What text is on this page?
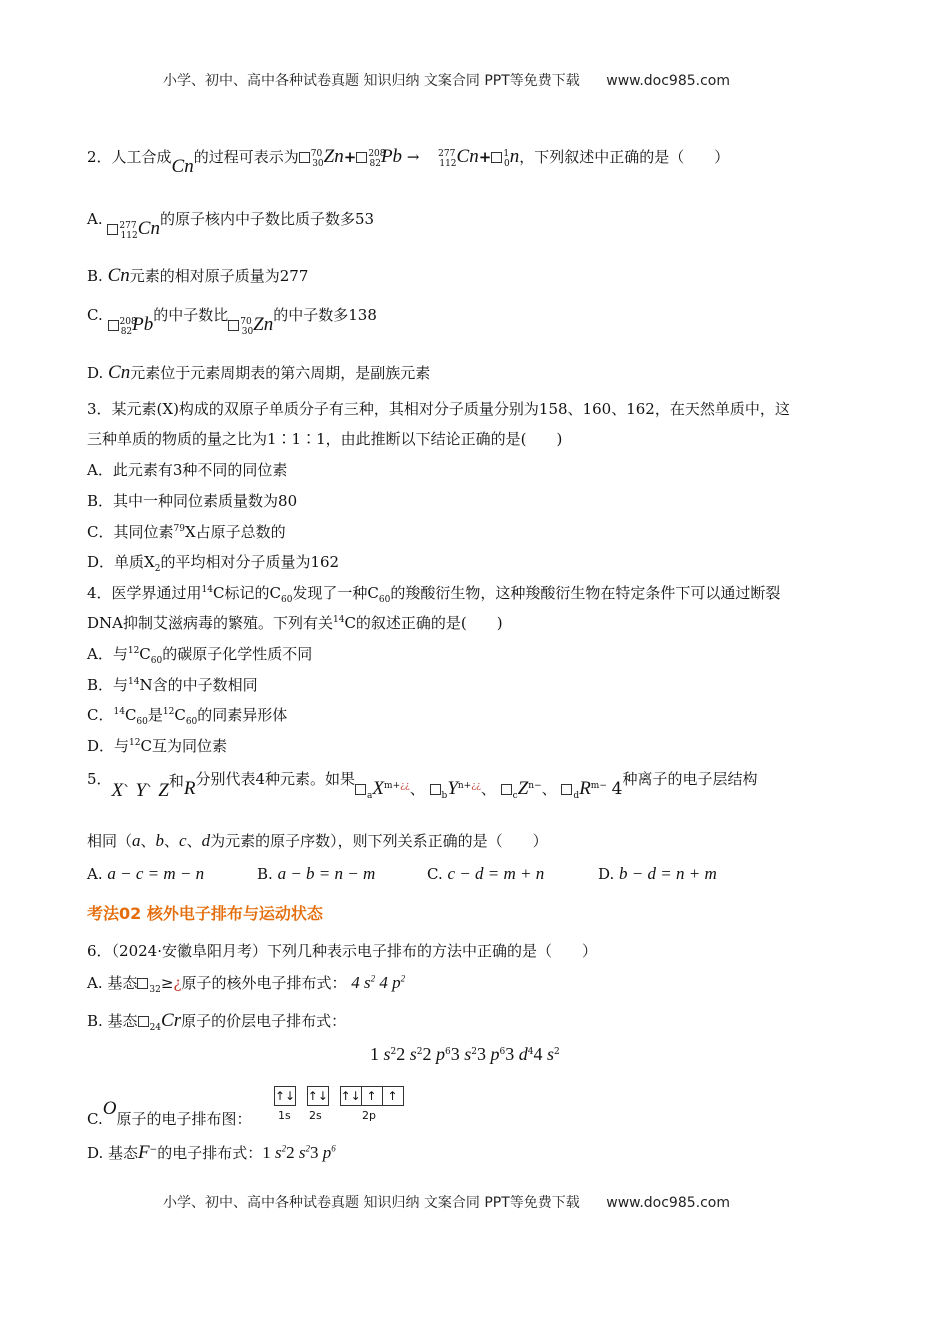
小学、初中、高中各种试卷真题 知识归纳 文案合同 PPT等免费下载 www.doc985.com
2．人工合成Cn的过程可表示为 $^{70}_{30}$Zn+ $^{208}_{82}$Pb → $^{277}_{112}$Cn+ $^1_0$n，下列叙述中正确的是（　　）
A. $^{277}_{112}$Cn的原子核内中子数比质子数多53
B. Cn元素的相对原子质量为277
C. $^{208}_{82}$Pb的中子数比 $^{70}_{30}$Zn的中子数多138
D. Cn元素位于元素周期表的第六周期，是副族元素
3．某元素(X)构成的双原子单质分子有三种，其相对分子质量分别为158、160、162，在天然单质中，这
三种单质的物质的量之比为1∶1∶1，由此推断以下结论正确的是(　　)
A．此元素有3种不同的同位素
B．其中一种同位素质量数为80
C．其同位素$^{79}$X占原子总数的
D．单质$X_2$的平均相对分子质量为162
4．医学界通过用$^{14}$C标记的$C_{60}$发现了一种$C_{60}$的羧酸衍生物，这种羧酸衍生物在特定条件下可以通过断裂
DNA抑制艾滋病毒的繁殖。下列有关$^{14}$C的叙述正确的是(　　)
A．与$^{12}C_{60}$的碳原子化学性质不同
B．与$^{14}$N含的中子数相同
C．$^{14}C_{60}$是$^{12}C_{60}$的同素异形体
D．与$^{12}$C互为同位素
5．X` Y` Z和R分别代表4种元素。如果$_aX^{m+¿¿}$、 $_bY^{n+¿¿}$、 $_cZ^{n-}$、 $_dR^{m-}$ 4种离子的电子层结构
相同（a、b、c、d为元素的原子序数），则下列关系正确的是（　　）
A. a − c = m − n	B. a − b = n − m	C. c − d = m + n	D. b − d = n + m
考法02 核外电子排布与运动状态
6．（2024·安徽阜阳月考）下列几种表示电子排布的方法中正确的是（　　）
A. 基态 $_{32}$≥¿原子的核外电子排布式： 4 $s^2$ 4 $p^2$
B. 基态 $_{24}$Cr原子的价层电子排布式：
1 $s^22$ $s^22$ $p^63$ $s^23$ $p^63$ $d^44$ $s^2$
C.O原子的电子排布图：
↑↓ ↑↓ ↑↓ ↑ ↑
1s 2s	2p
D. 基态F−的电子排布式：1 $s^22$ $s^23$ $p^6$
小学、初中、高中各种试卷真题 知识归纳 文案合同 PPT等免费下载 www.doc985.com
